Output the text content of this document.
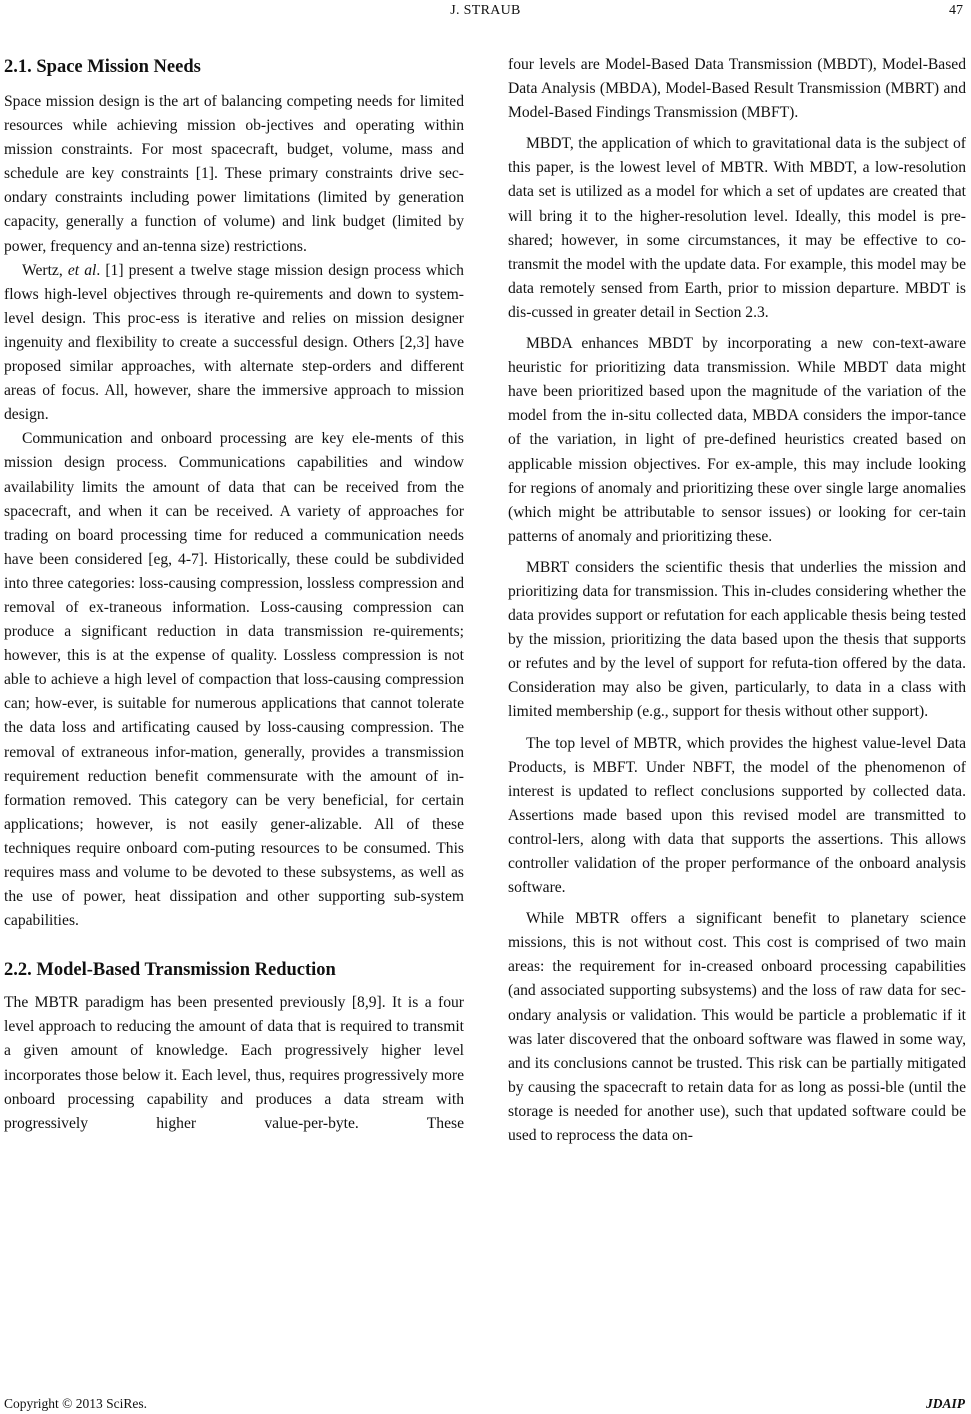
J. STRAUB	47
2.1. Space Mission Needs

Space mission design is the art of balancing competing needs for limited resources while achieving mission ob-jectives and operating within mission constraints. For most spacecraft, budget, volume, mass and schedule are key constraints [1]. These primary constraints drive sec-ondary constraints including power limitations (limited by generation capacity, generally a function of volume) and link budget (limited by power, frequency and an-tenna size) restrictions.

Wertz, et al. [1] present a twelve stage mission design process which flows high-level objectives through re-quirements and down to system-level design. This proc-ess is iterative and relies on mission designer ingenuity and flexibility to create a successful design. Others [2,3] have proposed similar approaches, with alternate step-orders and different areas of focus. All, however, share the immersive approach to mission design.

Communication and onboard processing are key ele-ments of this mission design process. Communications capabilities and window availability limits the amount of data that can be received from the spacecraft, and when it can be received. A variety of approaches for trading on board processing time for reduced a communication needs have been considered [eg, 4-7]. Historically, these could be subdivided into three categories: loss-causing compression, lossless compression and removal of ex-traneous information. Loss-causing compression can produce a significant reduction in data transmission re-quirements; however, this is at the expense of quality. Lossless compression is not able to achieve a high level of compaction that loss-causing compression can; how-ever, is suitable for numerous applications that cannot tolerate the data loss and artificating caused by loss-causing compression. The removal of extraneous infor-mation, generally, provides a transmission requirement reduction benefit commensurate with the amount of in-formation removed. This category can be very beneficial, for certain applications; however, is not easily gener-alizable. All of these techniques require onboard com-puting resources to be consumed. This requires mass and volume to be devoted to these subsystems, as well as the use of power, heat dissipation and other supporting sub-system capabilities.

2.2. Model-Based Transmission Reduction

The MBTR paradigm has been presented previously [8,9]. It is a four level approach to reducing the amount of data that is required to transmit a given amount of knowledge. Each progressively higher level incorporates those below it. Each level, thus, requires progressively more onboard processing capability and produces a data stream with progressively higher value-per-byte. These

four levels are Model-Based Data Transmission (MBDT), Model-Based Data Analysis (MBDA), Model-Based Result Transmission (MBRT) and Model-Based Findings Transmission (MBFT).

MBDT, the application of which to gravitational data is the subject of this paper, is the lowest level of MBTR. With MBDT, a low-resolution data set is utilized as a model for which a set of updates are created that will bring it to the higher-resolution level. Ideally, this model is pre-shared; however, in some circumstances, it may be effective to co-transmit the model with the update data. For example, this model may be data remotely sensed from Earth, prior to mission departure. MBDT is dis-cussed in greater detail in Section 2.3.

MBDA enhances MBDT by incorporating a new con-text-aware heuristic for prioritizing data transmission. While MBDT data might have been prioritized based upon the magnitude of the variation of the model from the in-situ collected data, MBDA considers the impor-tance of the variation, in light of pre-defined heuristics created based on applicable mission objectives. For ex-ample, this may include looking for regions of anomaly and prioritizing these over single large anomalies (which might be attributable to sensor issues) or looking for cer-tain patterns of anomaly and prioritizing these.

MBRT considers the scientific thesis that underlies the mission and prioritizing data for transmission. This in-cludes considering whether the data provides support or refutation for each applicable thesis being tested by the mission, prioritizing the data based upon the thesis that supports or refutes and by the level of support for refuta-tion offered by the data. Consideration may also be given, particularly, to data in a class with limited membership (e.g., support for thesis without other support).

The top level of MBTR, which provides the highest value-level Data Products, is MBFT. Under NBFT, the model of the phenomenon of interest is updated to reflect conclusions supported by collected data. Assertions made based upon this revised model are transmitted to control-lers, along with data that supports the assertions. This allows controller validation of the proper performance of the onboard analysis software.

While MBTR offers a significant benefit to planetary science missions, this is not without cost. This cost is comprised of two main areas: the requirement for in-creased onboard processing capabilities (and associated supporting subsystems) and the loss of raw data for sec-ondary analysis or validation. This would be particle a problematic if it was later discovered that the onboard software was flawed in some way, and its conclusions cannot be trusted. This risk can be partially mitigated by causing the spacecraft to retain data for as long as possi-ble (until the storage is needed for another use), such that updated software could be used to reprocess the data on-

Copyright © 2013 SciRes.	JDAIP
